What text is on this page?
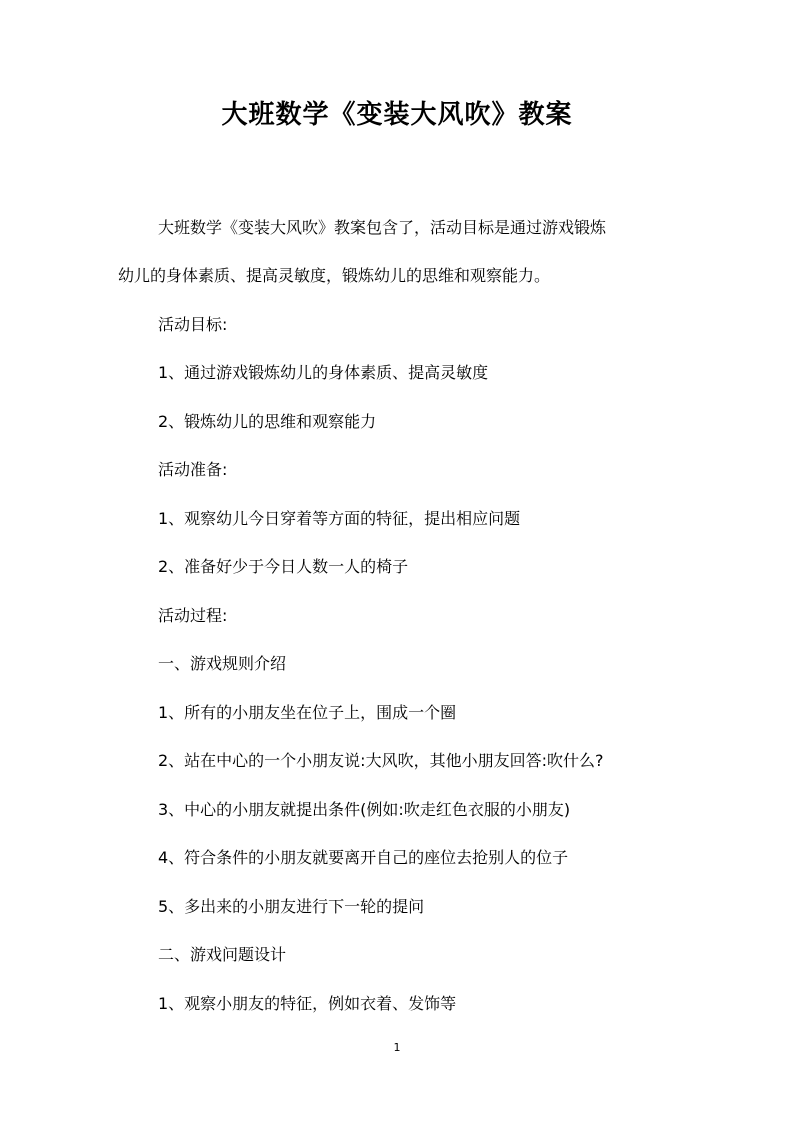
大班数学《变装大风吹》教案
大班数学《变装大风吹》教案包含了，活动目标是通过游戏锻炼
幼儿的身体素质、提高灵敏度，锻炼幼儿的思维和观察能力。
活动目标:
1、通过游戏锻炼幼儿的身体素质、提高灵敏度
2、锻炼幼儿的思维和观察能力
活动准备:
1、观察幼儿今日穿着等方面的特征，提出相应问题
2、准备好少于今日人数一人的椅子
活动过程:
一、游戏规则介绍
1、所有的小朋友坐在位子上，围成一个圈
2、站在中心的一个小朋友说:大风吹，其他小朋友回答:吹什么?
3、中心的小朋友就提出条件(例如:吹走红色衣服的小朋友)
4、符合条件的小朋友就要离开自己的座位去抢别人的位子
5、多出来的小朋友进行下一轮的提问
二、游戏问题设计
1、观察小朋友的特征，例如衣着、发饰等
1
